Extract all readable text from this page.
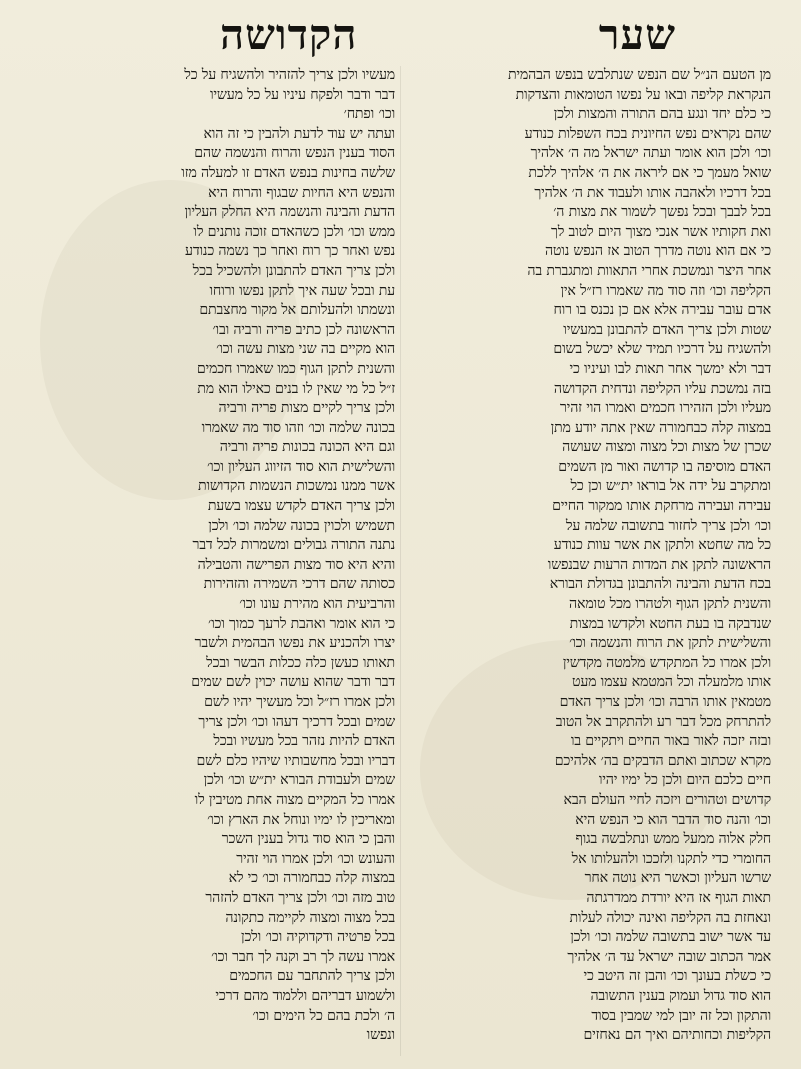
שער
הקדושה
מן הטעם הנ״ל שם הנפש שנתלבש בנפש הבהמית
הנקראת קליפה ובאו על נפשו הטומאות והצדקות
כי כלם יחד ונגע בהם התורה והמצות ולכן
שהם נקראים נפש החיונית בכח השפלות כנודע
וכו׳ ולכן הוא אומר ועתה ישראל מה ה׳ אלהיך
שואל מעמך כי אם ליראה את ה׳ אלהיך ללכת
בכל דרכיו ולאהבה אותו ולעבוד את ה׳ אלהיך
בכל לבבך ובכל נפשך לשמור את מצות ה׳
ואת חקותיו אשר אנכי מצוך היום לטוב לך
כי אם הוא נוטה מדרך הטוב אז הנפש נוטה
אחר היצר ונמשכת אחרי התאוות ומתגברת בה
הקליפה וכו׳ וזה סוד מה שאמרו רז״ל אין
אדם עובר עבירה אלא אם כן נכנס בו רוח
שטות ולכן צריך האדם להתבונן במעשיו
ולהשגיח על דרכיו תמיד שלא יכשל בשום
דבר ולא ימשך אחר תאות לבו ועיניו כי
בזה נמשכת עליו הקליפה ונדחית הקדושה
מעליו ולכן הזהירו חכמים ואמרו הוי זהיר
במצוה קלה כבחמורה שאין אתה יודע מתן
שכרן של מצות וכל מצוה ומצוה שעושה
האדם מוסיפה בו קדושה ואור מן השמים
ומתקרב על ידה אל בוראו ית״ש וכן כל
עבירה ועבירה מרחקת אותו ממקור החיים
וכו׳ ולכן צריך לחזור בתשובה שלמה על
כל מה שחטא ולתקן את אשר עוות כנודע
הראשונה לתקן את המדות הרעות שבנפשו
בכח הדעת והבינה ולהתבונן בגדולת הבורא
והשנית לתקן הגוף ולטהרו מכל טומאה
שנדבקה בו בעת החטא ולקדשו במצות
והשלישית לתקן את הרוח והנשמה וכו׳
ולכן אמרו כל המתקדש מלמטה מקדשין
אותו מלמעלה וכל המטמא עצמו מעט
מטמאין אותו הרבה וכו׳ ולכן צריך האדם
להתרחק מכל דבר רע ולהתקרב אל הטוב
ובזה יזכה לאור באור החיים ויתקיים בו
מקרא שכתוב ואתם הדבקים בה׳ אלהיכם
חיים כלכם היום ולכן כל ימיו יהיו
קדושים וטהורים ויזכה לחיי העולם הבא
וכו׳ והנה סוד הדבר הוא כי הנפש היא
חלק אלוה ממעל ממש ונתלבשה בגוף
החומרי כדי לתקנו ולזככו ולהעלותו אל
שרשו העליון וכאשר היא נוטה אחר
תאות הגוף אז היא יורדת ממדרגתה
ונאחזת בה הקליפה ואינה יכולה לעלות
עד אשר ישוב בתשובה שלמה וכו׳ ולכן
אמר הכתוב שובה ישראל עד ה׳ אלהיך
כי כשלת בעונך וכו׳ והבן זה היטב כי
הוא סוד גדול ועמוק בענין התשובה
והתקון וכל זה יובן למי שמבין בסוד
הקליפות וכחותיהם ואיך הם נאחזים
מעשיו ולכן צריך להזהיר ולהשגיח על כל
דבר ודבר ולפקח עיניו על כל מעשיו
וכו׳ ופתח׳
ועתה יש עוד לדעת ולהבין כי זה הוא
הסוד בענין הנפש והרוח והנשמה שהם
שלשה בחינות בנפש האדם זו למעלה מזו
והנפש היא החיות שבגוף והרוח היא
הדעת והבינה והנשמה היא החלק העליון
ממש וכו׳ ולכן כשהאדם זוכה נותנים לו
נפש ואחר כך רוח ואחר כך נשמה כנודע
ולכן צריך האדם להתבונן ולהשכיל בכל
עת ובכל שעה איך לתקן נפשו ורוחו
ונשמתו ולהעלותם אל מקור מחצבתם
הראשונה לכן כתיב פריה ורביה ובו׳
הוא מקיים בה שני מצות עשה וכו׳
והשנית לתקן הגוף כמו שאמרו חכמים
ז״ל כל מי שאין לו בנים כאילו הוא מת
ולכן צריך לקיים מצות פריה ורביה
בכונה שלמה וכו׳ וזהו סוד מה שאמרו
וגם היא הכונה בכונות פריה ורביה
והשלישית הוא סוד הזיווג העליון וכו׳
אשר ממנו נמשכות הנשמות הקדושות
ולכן צריך האדם לקדש עצמו בשעת
תשמיש ולכוין בכונה שלמה וכו׳ ולכן
נתנה התורה גבולים ומשמרות לכל דבר
והיא היא סוד מצות הפרישה והטבילה
כסותה שהם דרכי השמירה והזהירות
והרביעית הוא מהירת עונו וכו׳
כי הוא אומר ואהבת לרעך כמוך וכו׳
יצרו ולהכניע את נפשו הבהמית ולשבר
תאותו כעשן כלה ככלות הבשר ובכל
דבר ודבר שהוא עושה יכוין לשם שמים
ולכן אמרו רז״ל וכל מעשיך יהיו לשם
שמים ובכל דרכיך דעהו וכו׳ ולכן צריך
האדם להיות נזהר בכל מעשיו ובכל
דבריו ובכל מחשבותיו שיהיו כלם לשם
שמים ולעבודת הבורא ית״ש וכו׳ ולכן
אמרו כל המקיים מצוה אחת מטיבין לו
ומאריכין לו ימיו ונוחל את הארץ וכו׳
והבן כי הוא סוד גדול בענין השכר
והעונש וכו׳ ולכן אמרו הוי זהיר
במצוה קלה כבחמורה וכו׳ כי לא
טוב מזה וכו׳ ולכן צריך האדם להזהר
בכל מצוה ומצוה לקיימה כתקונה
בכל פרטיה ודקדוקיה וכו׳ ולכן
אמרו עשה לך רב וקנה לך חבר וכו׳
ולכן צריך להתחבר עם החכמים
ולשמוע דבריהם וללמוד מהם דרכי
ה׳ ולכת בהם כל הימים וכו׳
ונפשו
